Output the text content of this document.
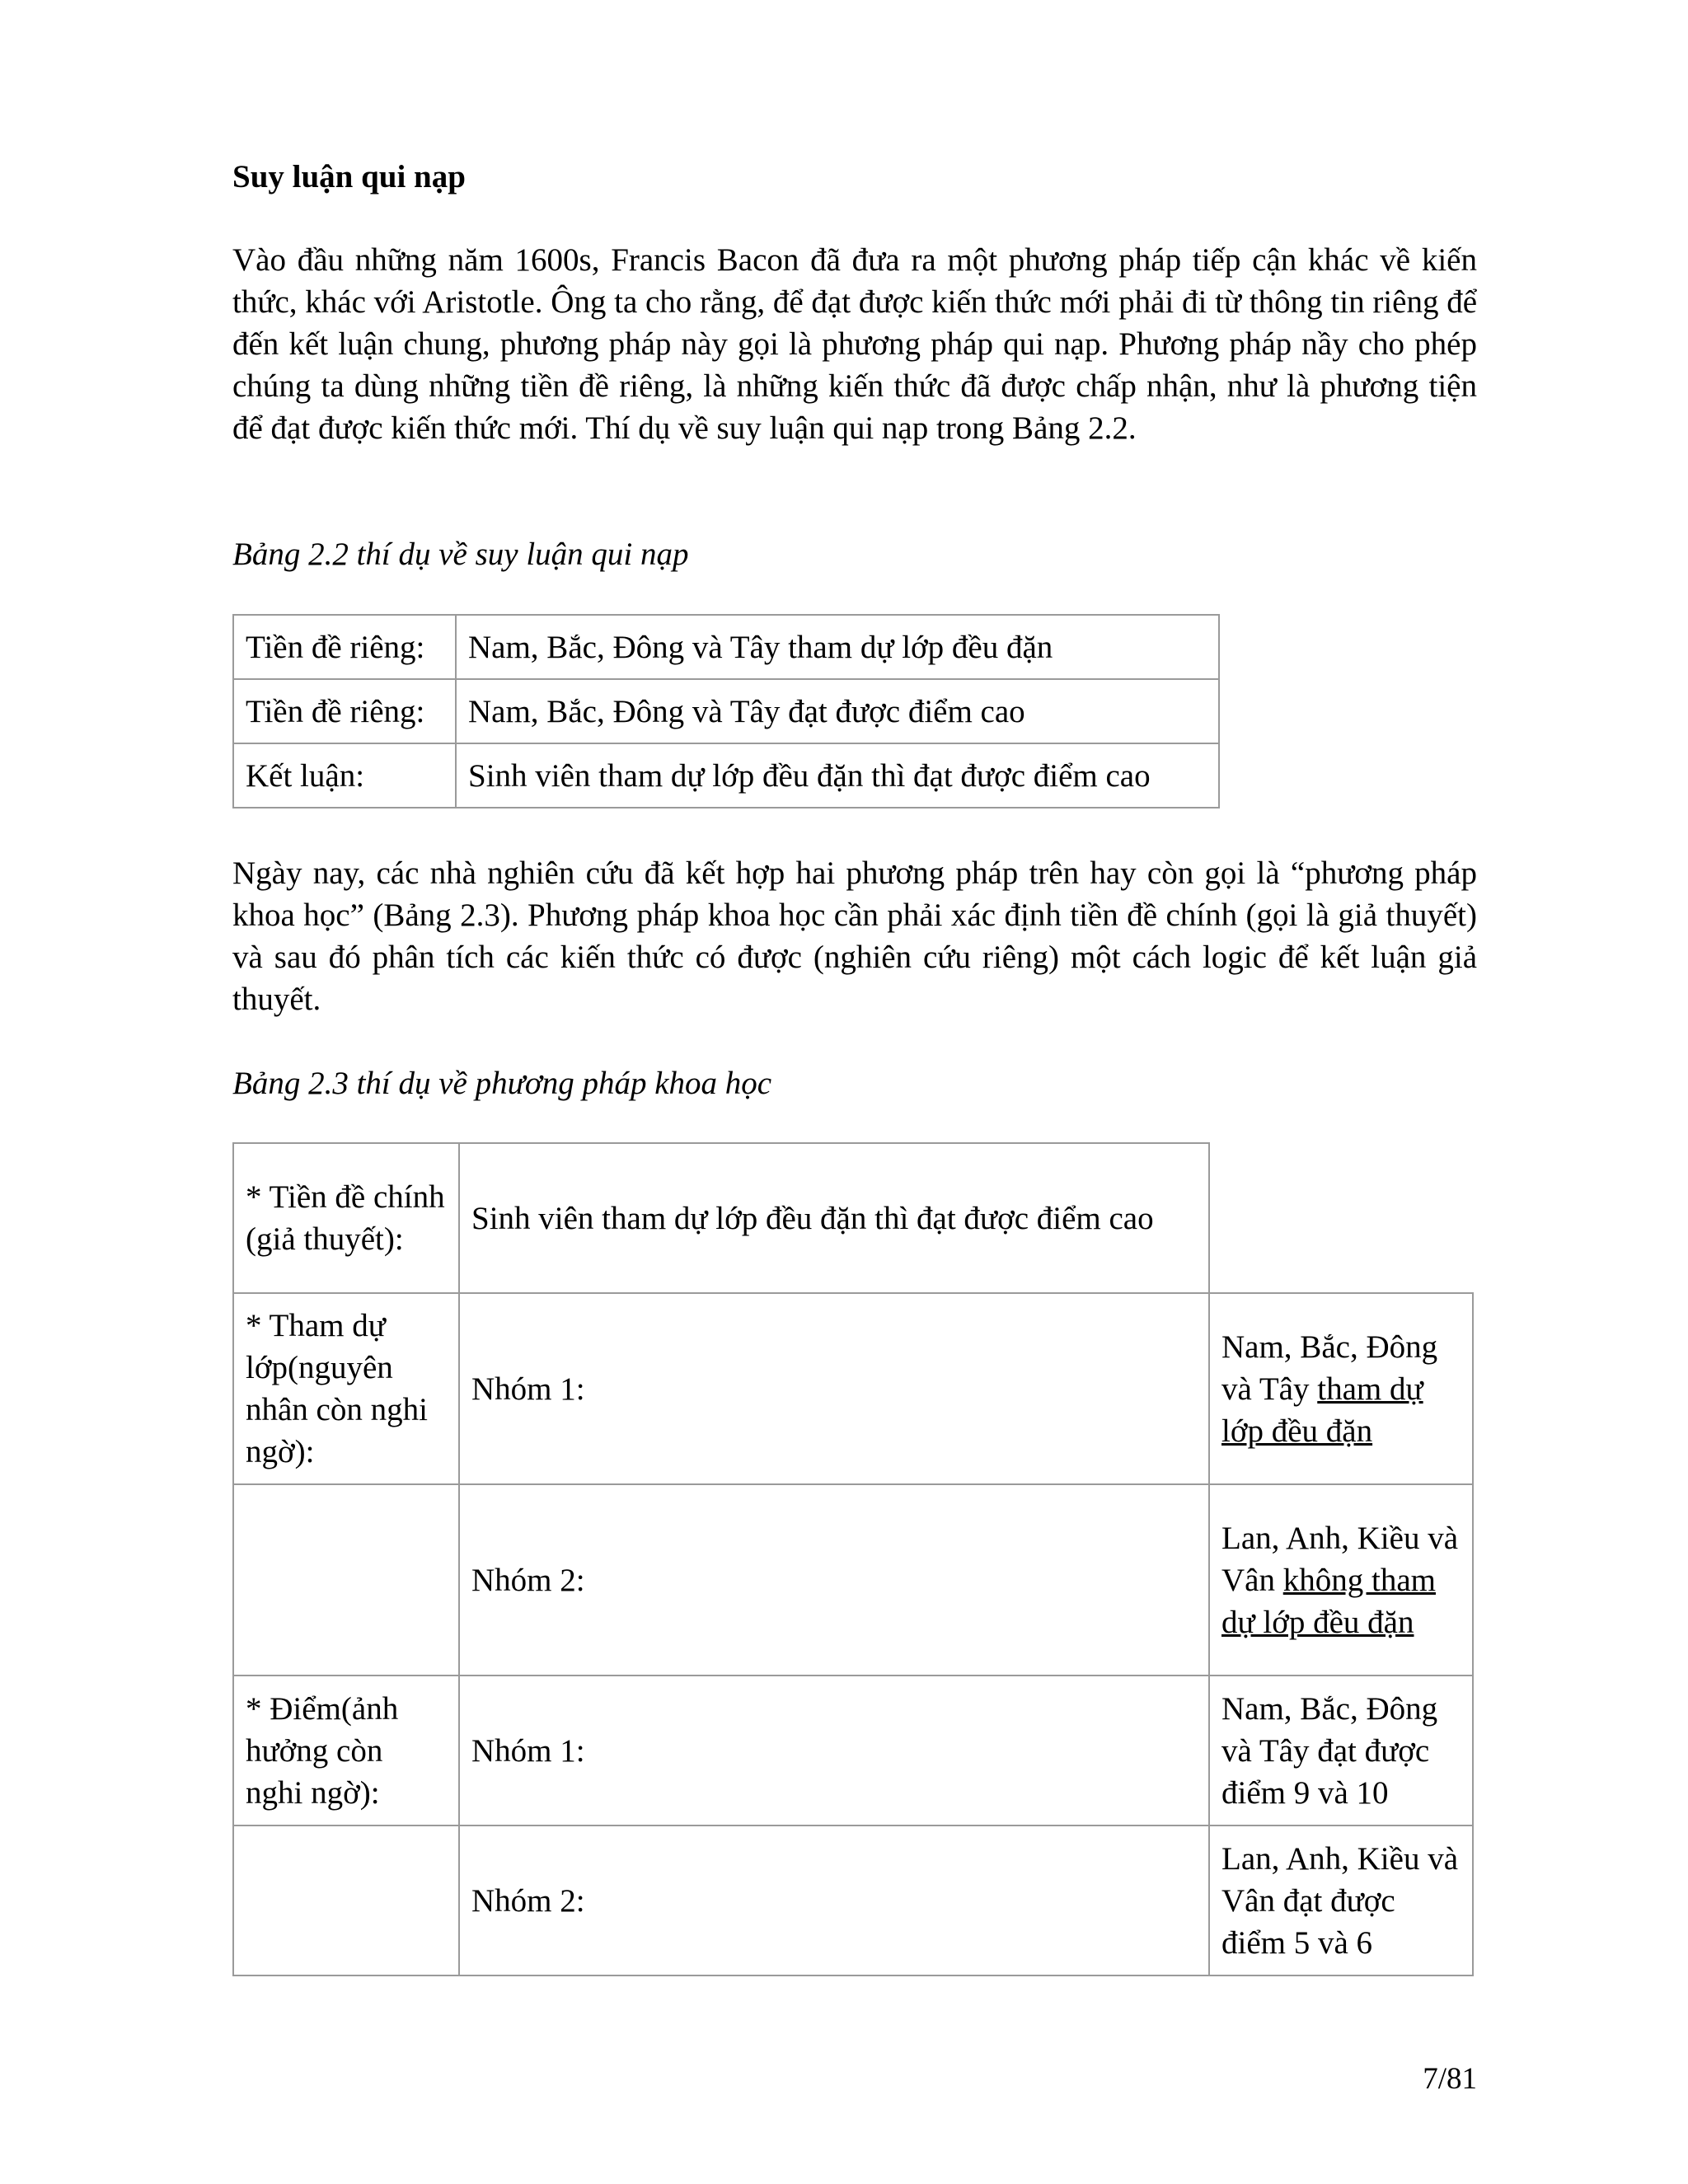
Suy luận qui nạp

Vào đầu những năm 1600s, Francis Bacon đã đưa ra một phương pháp tiếp cận khác về kiến thức, khác với Aristotle. Ông ta cho rằng, để đạt được kiến thức mới phải đi từ thông tin riêng để đến kết luận chung, phương pháp này gọi là phương pháp qui nạp. Phương pháp nầy cho phép chúng ta dùng những tiền đề riêng, là những kiến thức đã được chấp nhận, như là phương tiện để đạt được kiến thức mới. Thí dụ về suy luận qui nạp trong Bảng 2.2.

Bảng 2.2 thí dụ về suy luận qui nạp

Tiền đề riêng:	Nam, Bắc, Đông và Tây tham dự lớp đều đặn
Tiền đề riêng:	Nam, Bắc, Đông và Tây đạt được điểm cao
Kết luận:	Sinh viên tham dự lớp đều đặn thì đạt được điểm cao

Ngày nay, các nhà nghiên cứu đã kết hợp hai phương pháp trên hay còn gọi là “phương pháp khoa học” (Bảng 2.3). Phương pháp khoa học cần phải xác định tiền đề chính (gọi là giả thuyết) và sau đó phân tích các kiến thức có được (nghiên cứu riêng) một cách logic để kết luận giả thuyết.

Bảng 2.3 thí dụ về phương pháp khoa học

* Tiền đề chính (giả thuyết):	Sinh viên tham dự lớp đều đặn thì đạt được điểm cao	
* Tham dự lớp(nguyên nhân còn nghi ngờ):	Nhóm 1:	Nam, Bắc, Đông và Tây tham dự lớp đều đặn
	Nhóm 2:	Lan, Anh, Kiều và Vân không tham dự lớp đều đặn
* Điểm(ảnh hưởng còn nghi ngờ):	Nhóm 1:	Nam, Bắc, Đông và Tây đạt được điểm 9 và 10
	Nhóm 2:	Lan, Anh, Kiều và Vân đạt được điểm 5 và 6

7/81
